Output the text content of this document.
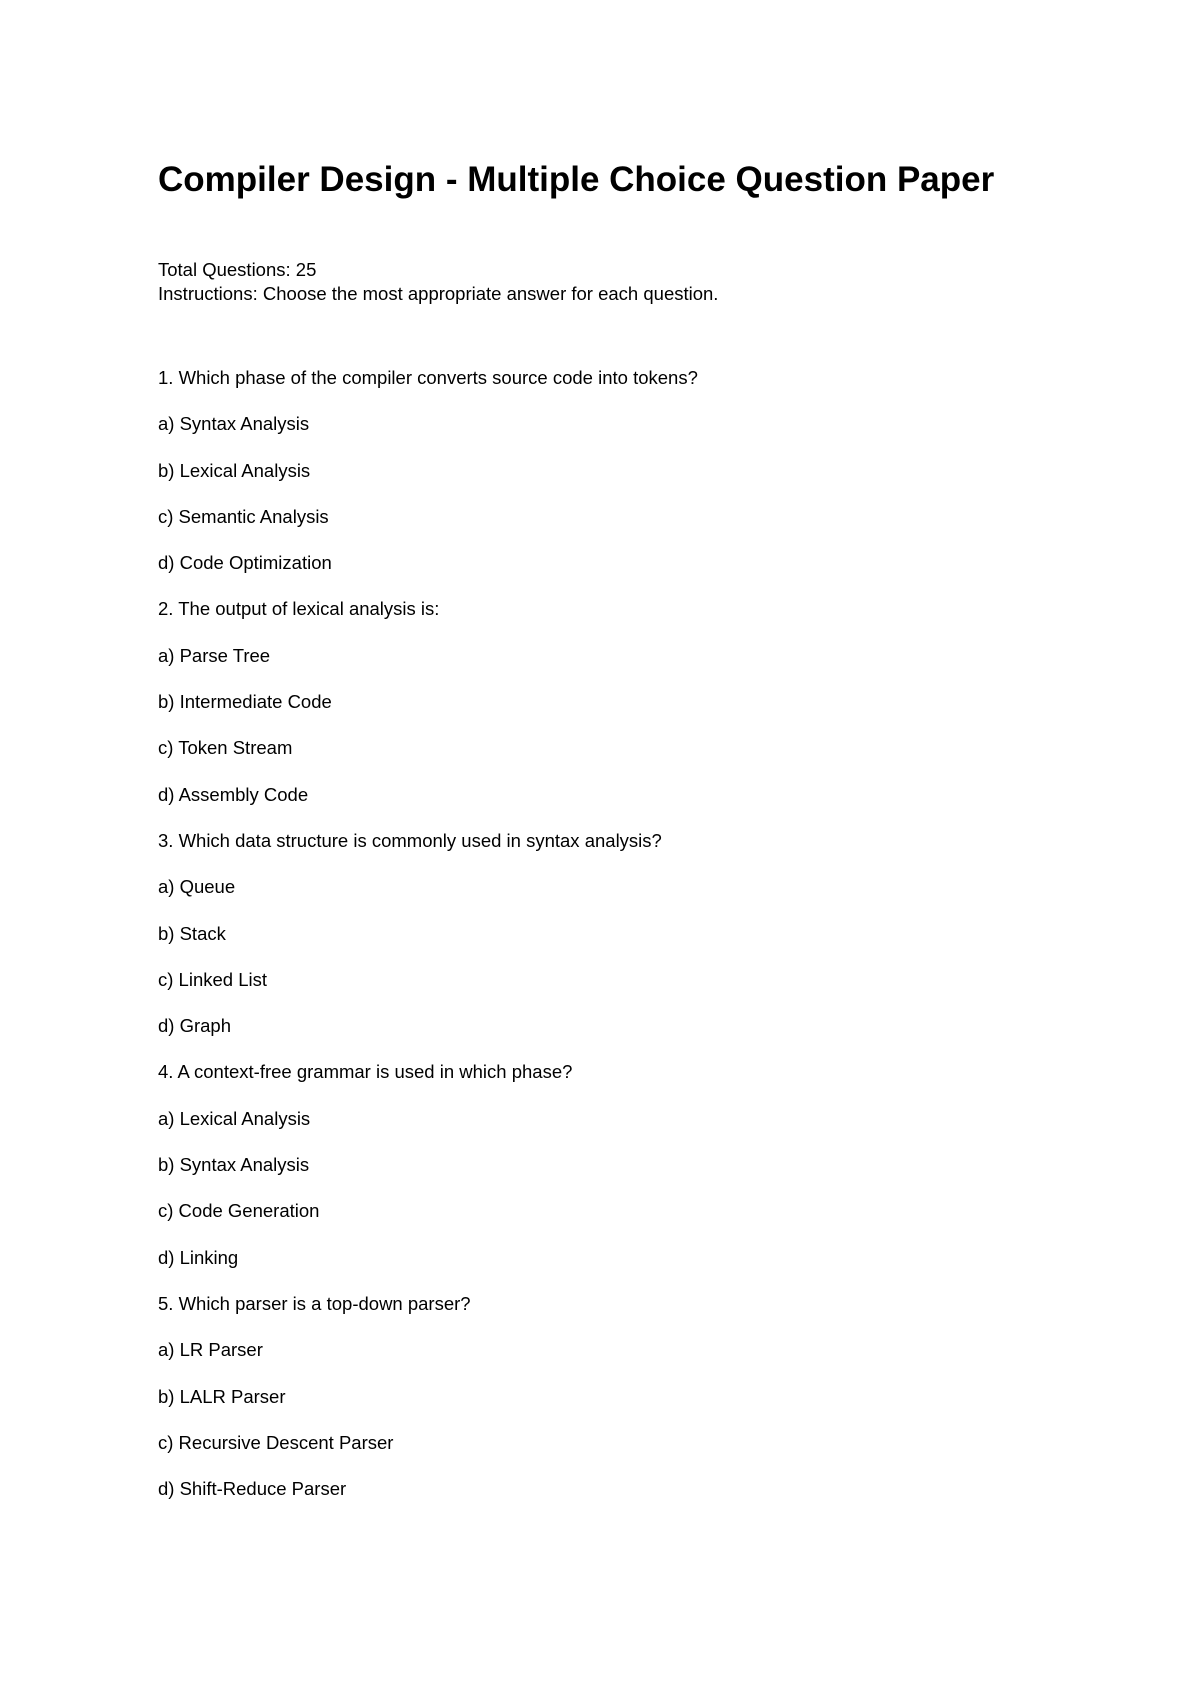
Compiler Design - Multiple Choice Question Paper
Total Questions: 25
Instructions: Choose the most appropriate answer for each question.
1. Which phase of the compiler converts source code into tokens?
a) Syntax Analysis
b) Lexical Analysis
c) Semantic Analysis
d) Code Optimization
2. The output of lexical analysis is:
a) Parse Tree
b) Intermediate Code
c) Token Stream
d) Assembly Code
3. Which data structure is commonly used in syntax analysis?
a) Queue
b) Stack
c) Linked List
d) Graph
4. A context-free grammar is used in which phase?
a) Lexical Analysis
b) Syntax Analysis
c) Code Generation
d) Linking
5. Which parser is a top-down parser?
a) LR Parser
b) LALR Parser
c) Recursive Descent Parser
d) Shift-Reduce Parser
